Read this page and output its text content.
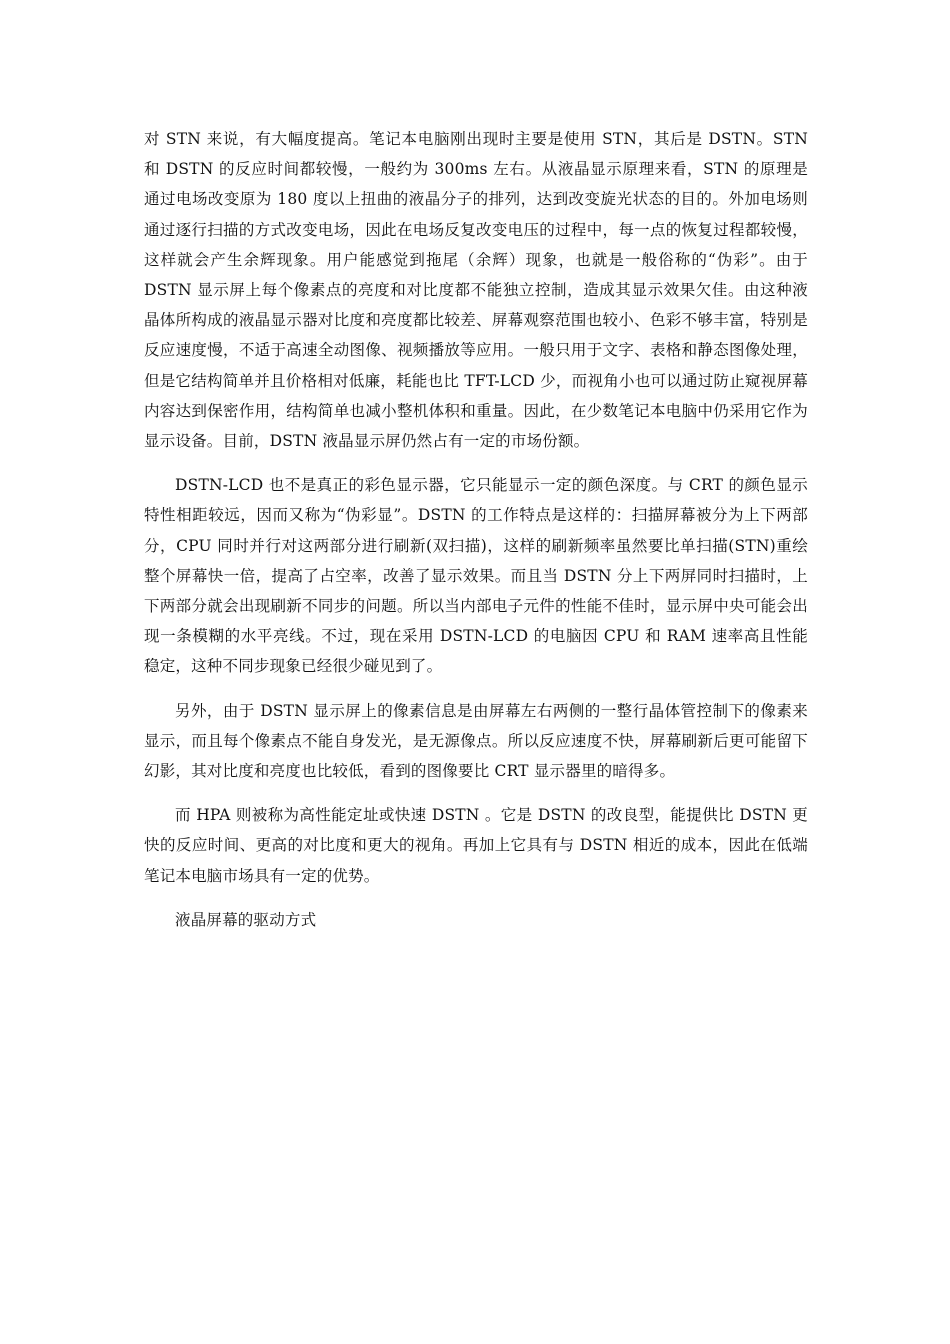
对 STN 来说，有大幅度提高。笔记本电脑刚出现时主要是使用 STN，其后是 DSTN。STN 和 DSTN 的反应时间都较慢，一般约为 300ms 左右。从液晶显示原理来看，STN 的原理是通过电场改变原为 180 度以上扭曲的液晶分子的排列，达到改变旋光状态的目的。外加电场则通过逐行扫描的方式改变电场，因此在电场反复改变电压的过程中，每一点的恢复过程都较慢，这样就会产生余辉现象。用户能感觉到拖尾（余辉）现象，也就是一般俗称的“伪彩”。由于 DSTN 显示屏上每个像素点的亮度和对比度都不能独立控制，造成其显示效果欠佳。由这种液晶体所构成的液晶显示器对比度和亮度都比较差、屏幕观察范围也较小、色彩不够丰富，特别是反应速度慢，不适于高速全动图像、视频播放等应用。一般只用于文字、表格和静态图像处理，但是它结构简单并且价格相对低廉，耗能也比 TFT-LCD 少，而视角小也可以通过防止窥视屏幕内容达到保密作用，结构简单也减小整机体积和重量。因此，在少数笔记本电脑中仍采用它作为显示设备。目前，DSTN 液晶显示屏仍然占有一定的市场份额。

DSTN-LCD 也不是真正的彩色显示器，它只能显示一定的颜色深度。与 CRT 的颜色显示特性相距较远，因而又称为“伪彩显”。DSTN 的工作特点是这样的：扫描屏幕被分为上下两部分，CPU 同时并行对这两部分进行刷新(双扫描)，这样的刷新频率虽然要比单扫描(STN)重绘整个屏幕快一倍，提高了占空率，改善了显示效果。而且当 DSTN 分上下两屏同时扫描时，上下两部分就会出现刷新不同步的问题。所以当内部电子元件的性能不佳时，显示屏中央可能会出现一条模糊的水平亮线。不过，现在采用 DSTN-LCD 的电脑因 CPU 和 RAM 速率高且性能稳定，这种不同步现象已经很少碰见到了。

另外，由于 DSTN 显示屏上的像素信息是由屏幕左右两侧的一整行晶体管控制下的像素来显示，而且每个像素点不能自身发光，是无源像点。所以反应速度不快，屏幕刷新后更可能留下幻影，其对比度和亮度也比较低，看到的图像要比 CRT 显示器里的暗得多。

而 HPA 则被称为高性能定址或快速 DSTN 。它是 DSTN 的改良型，能提供比 DSTN 更快的反应时间、更高的对比度和更大的视角。再加上它具有与 DSTN 相近的成本，因此在低端笔记本电脑市场具有一定的优势。

液晶屏幕的驱动方式
